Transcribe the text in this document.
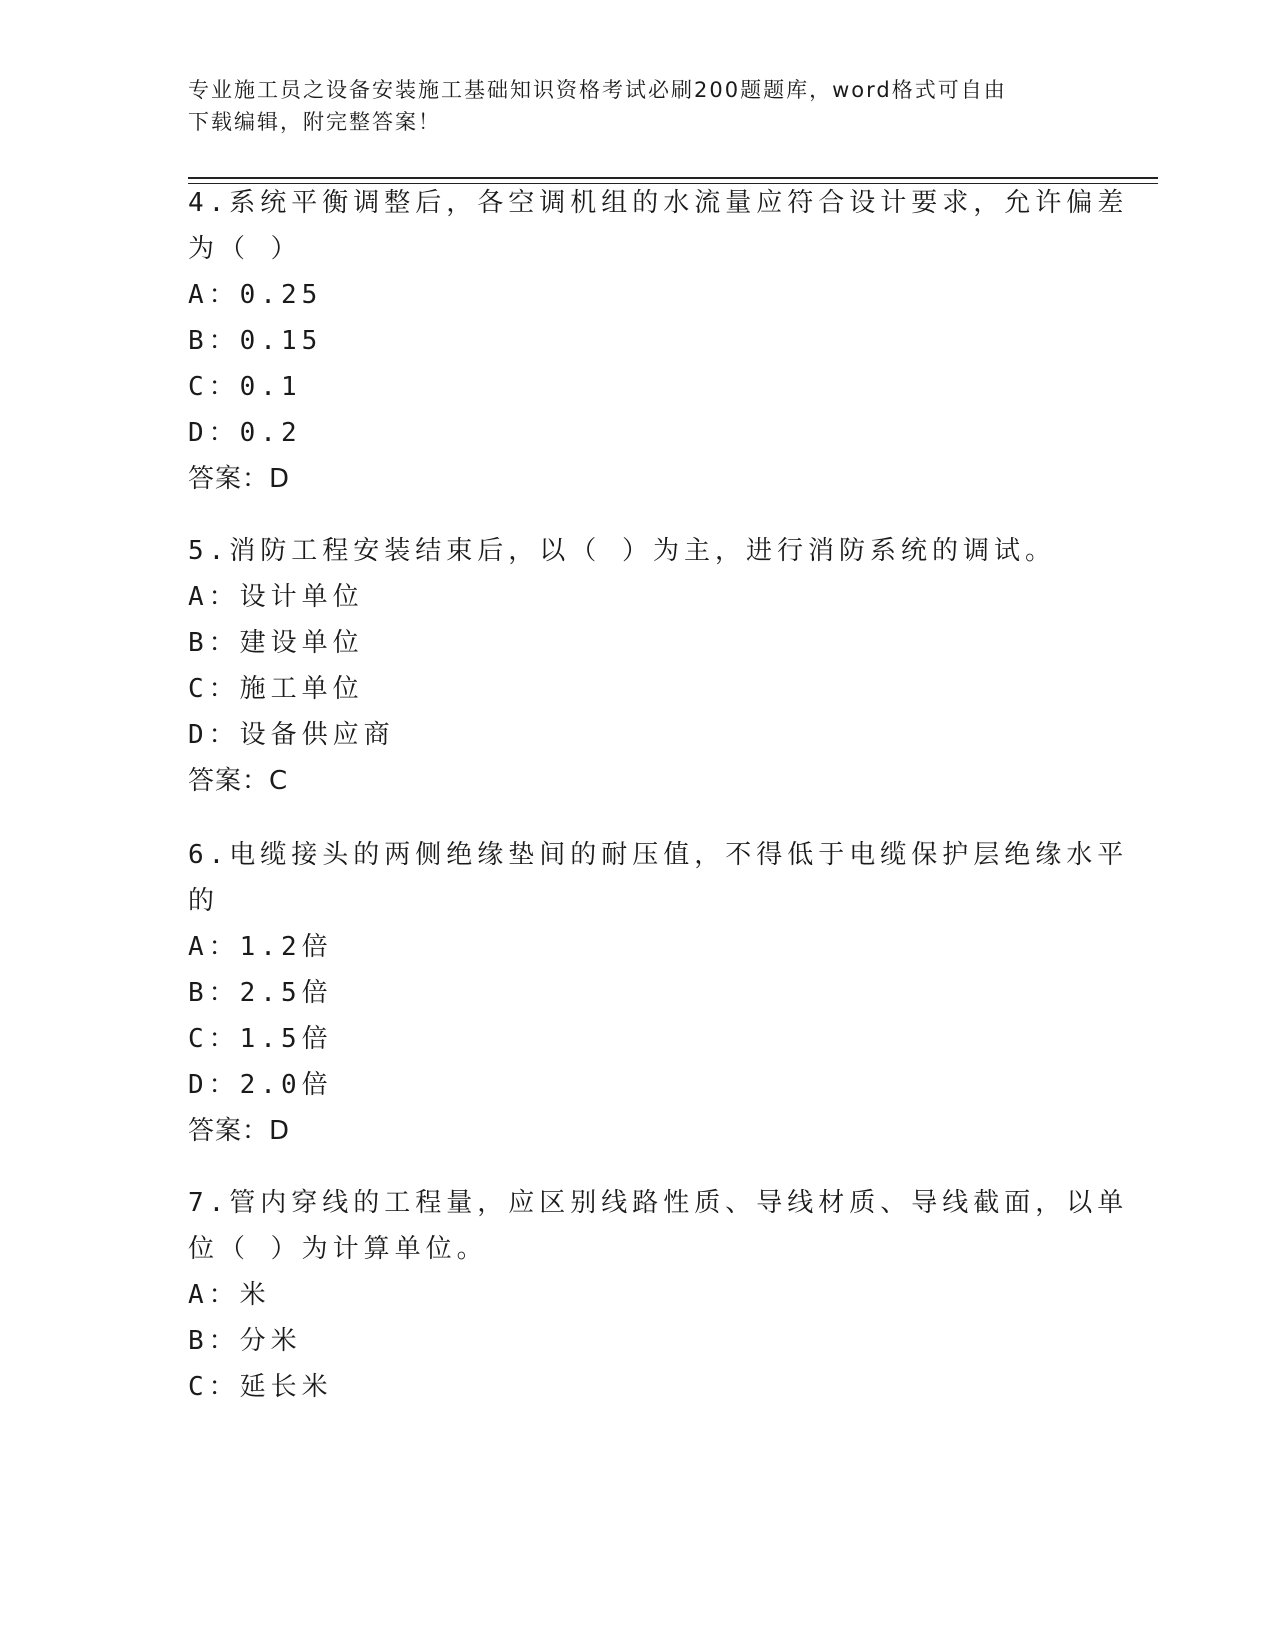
专业施工员之设备安装施工基础知识资格考试必刷200题题库，word格式可自由
下载编辑，附完整答案！
4.系统平衡调整后，各空调机组的水流量应符合设计要求，允许偏差
为（ ）
A：0.25
B：0.15
C：0.1
D：0.2
答案：D
5.消防工程安装结束后，以（ ）为主，进行消防系统的调试。
A：设计单位
B：建设单位
C：施工单位
D：设备供应商
答案：C
6.电缆接头的两侧绝缘垫间的耐压值，不得低于电缆保护层绝缘水平
的
A：1.2倍
B：2.5倍
C：1.5倍
D：2.0倍
答案：D
7.管内穿线的工程量，应区别线路性质、导线材质、导线截面，以单
位（ ）为计算单位。
A：米
B：分米
C：延长米
